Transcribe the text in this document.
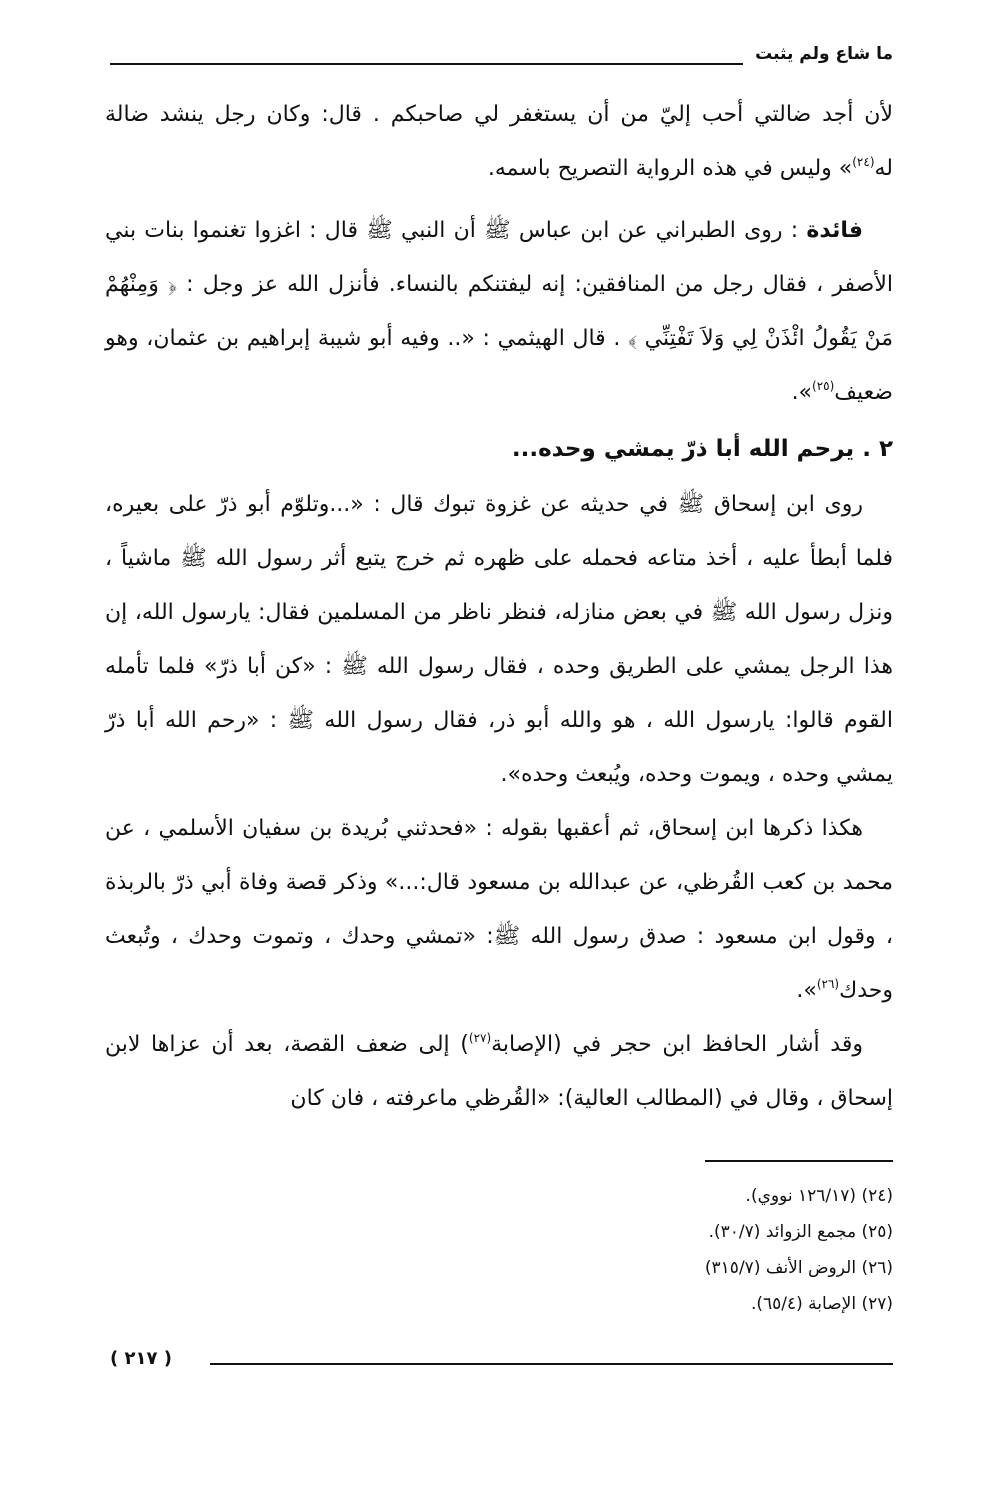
ما شاع ولم يثبت

لأن أجد ضالتي أحب إليّ من أن يستغفر لي صاحبكم . قال: وكان رجل ينشد ضالة له$^{(٢٤)}$» وليس في هذه الرواية التصريح باسمه.

فائدة : روى الطبراني عن ابن عباس ﷺ أن النبي ﷺ قال : اغزوا تغنموا بنات بني الأصفر ، فقال رجل من المنافقين: إنه ليفتنكم بالنساء. فأنزل الله عز وجل : ﴿ وَمِنْهُمْ مَنْ يَقُولُ ائْذَنْ لِي وَلاَ تَفْتِنِّي ﴾ . قال الهيثمي : «.. وفيه أبو شيبة إبراهيم بن عثمان، وهو ضعيف$^{(٢٥)}$».

٢ . يرحم الله أبا ذرّ يمشي وحده...

روى ابن إسحاق ﷺ في حديثه عن غزوة تبوك قال : «...وتلوّم أبو ذرّ على بعيره، فلما أبطأ عليه ، أخذ متاعه فحمله على ظهره ثم خرج يتبع أثر رسول الله ﷺ ماشياً ، ونزل رسول الله ﷺ في بعض منازله، فنظر ناظر من المسلمين فقال: يارسول الله، إن هذا الرجل يمشي على الطريق وحده ، فقال رسول الله ﷺ : «كن أبا ذرّ» فلما تأمله القوم قالوا: يارسول الله ، هو والله أبو ذر، فقال رسول الله ﷺ : «رحم الله أبا ذرّ يمشي وحده ، ويموت وحده، ويُبعث وحده».

هكذا ذكرها ابن إسحاق، ثم أعقبها بقوله : «فحدثني بُريدة بن سفيان الأسلمي ، عن محمد بن كعب القُرظي، عن عبدالله بن مسعود قال:...» وذكر قصة وفاة أبي ذرّ بالربذة ، وقول ابن مسعود : صدق رسول الله ﷺ: «تمشي وحدك ، وتموت وحدك ، وتُبعث وحدك$^{(٢٦)}$».

وقد أشار الحافظ ابن حجر في (الإصابة$^{(٢٧)}$) إلى ضعف القصة، بعد أن عزاها لابن إسحاق ، وقال في (المطالب العالية): «القُرظي ماعرفته ، فان كان

(٢٤) (١٢٦/١٧ نووي).

(٢٥) مجمع الزوائد (٣٠/٧).

(٢٦) الروض الأنف (٣١٥/٧)

(٢٧) الإصابة (٦٥/٤).

( ٢١٧ )
